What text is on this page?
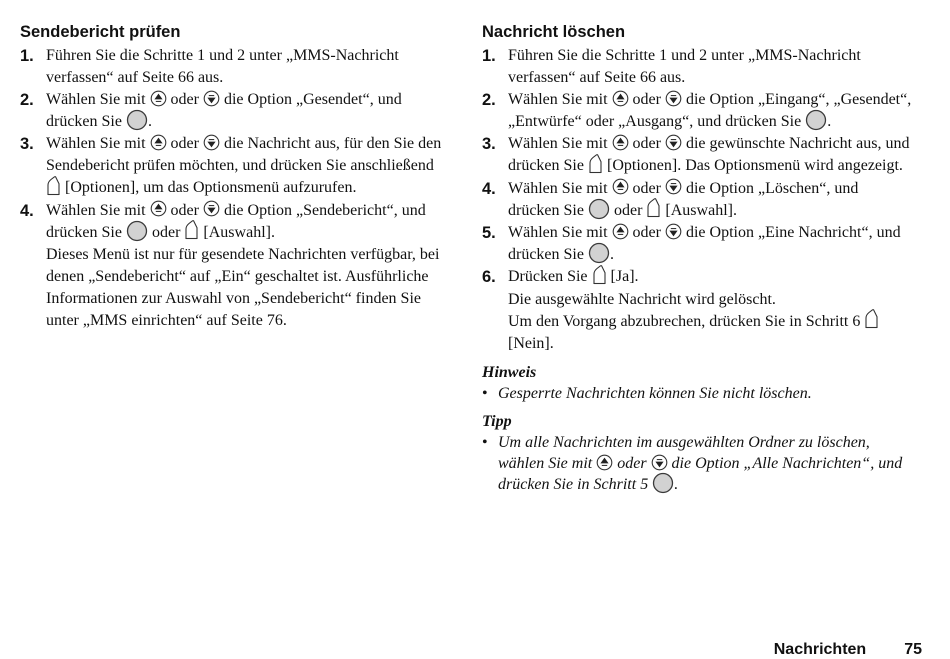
Sendebericht prüfen
1. Führen Sie die Schritte 1 und 2 unter „MMS-Nachricht verfassen“ auf Seite 66 aus.
2. Wählen Sie mit
oder
die Option „Gesendet“, und drücken Sie
.
3. Wählen Sie mit
oder
die Nachricht aus, für den Sie den Sendebericht prüfen möchten, und drücken Sie anschließend
[Optionen], um das Optionsmenü aufzurufen.
4. Wählen Sie mit
oder
die Option „Sendebericht“, und drücken Sie
oder
[Auswahl].
Dieses Menü ist nur für gesendete Nachrichten verfügbar, bei denen „Sendebericht“ auf „Ein“ geschaltet ist. Ausführliche Informationen zur Auswahl von „Sendebericht“ finden Sie unter „MMS einrichten“ auf Seite 76.
Nachricht löschen
1. Führen Sie die Schritte 1 und 2 unter „MMS-Nachricht verfassen“ auf Seite 66 aus.
2. Wählen Sie mit
oder
die Option „Eingang“, „Gesendet“, „Entwürfe“ oder „Ausgang“, und drücken Sie
.
3. Wählen Sie mit
oder
die gewünschte Nachricht aus, und drücken Sie
[Optionen]. Das Optionsmenü wird angezeigt.
4. Wählen Sie mit
oder
die Option „Löschen“, und drücken Sie
oder
[Auswahl].
5. Wählen Sie mit
oder
die Option „Eine Nachricht“, und drücken Sie
.
6. Drücken Sie
[Ja].
Die ausgewählte Nachricht wird gelöscht.
Um den Vorgang abzubrechen, drücken Sie in Schritt 6
[Nein].
Hinweis
• Gesperrte Nachrichten können Sie nicht löschen.
Tipp
• Um alle Nachrichten im ausgewählten Ordner zu löschen, wählen Sie mit
oder
die Option „Alle Nachrichten“, und drücken Sie in Schritt 5
.
Nachrichten 75
